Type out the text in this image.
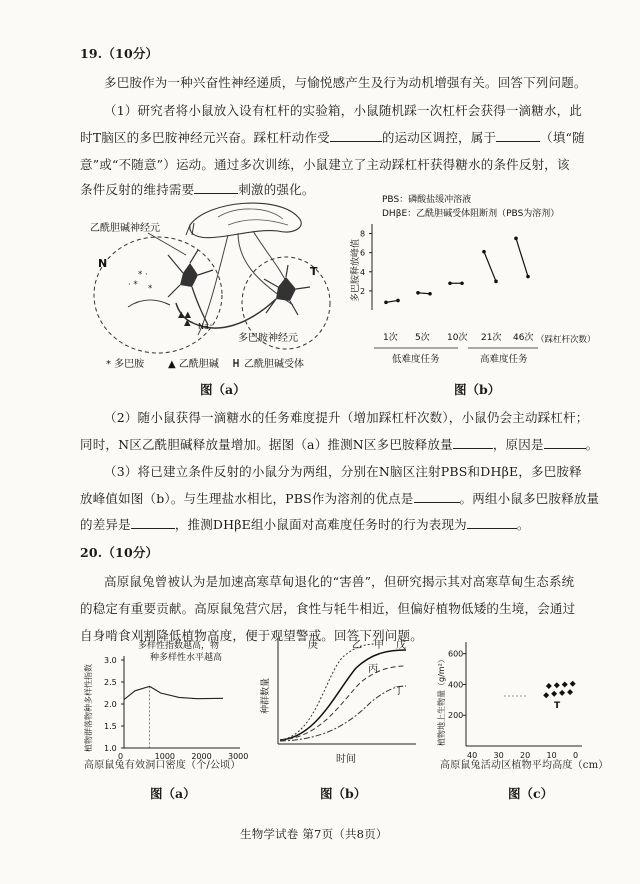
19.（10分）
多巴胺作为一种兴奋性神经递质，与愉悦感产生及行为动机增强有关。回答下列问题。
（1）研究者将小鼠放入设有杠杆的实验箱，小鼠随机踩一次杠杆会获得一滴糖水，此
时T脑区的多巴胺神经元兴奋。踩杠杆动作受	的运动区调控，属于	（填“随
意”或“不随意”）运动。通过多次训练，小鼠建立了主动踩杠杆获得糖水的条件反射，该
条件反射的维持需要	刺激的强化。
* ·
· * *
▲▲
▲
乙酰胆碱神经元
N
T
Na⁺
多巴胺神经元
* 多巴胺 ▲ 乙酰胆碱	乙酰胆碱受体
图（a）
PBS：磷酸盐缓冲溶液
DHβE：乙酰胆碱受体阻断剂（PBS为溶剂）
多巴胺释放峰值 2
4
6
8
1次 5次 10次 21次 46次
低难度任务	高难度任务
（踩杠杆次数）
图（b）
（2）随小鼠获得一滴糖水的任务难度提升（增加踩杠杆次数），小鼠仍会主动踩杠杆；
同时，N区乙酰胆碱释放量增加。据图（a）推测N区多巴胺释放量	，原因是	。
（3）将已建立条件反射的小鼠分为两组，分别在N脑区注射PBS和DHβE，多巴胺释
放峰值如图（b）。与生理盐水相比，PBS作为溶剂的优点是	。两组小鼠多巴胺释放量
的差异是	，推测DHβE组小鼠面对高难度任务时的行为表现为	。
20.（10分）
高原鼠兔曾被认为是加速高寒草甸退化的“害兽”，但研究揭示其对高寒草甸生态系统
的稳定有重要贡献。高原鼠兔营穴居，食性与牦牛相近，但偏好植物低矮的生境，会通过
自身啃食刈割降低植物高度，便于观望警戒。回答下列问题。
多样性指数越高，物
种多样性水平越高
植物群落物种多样性指数 1.0
1.5
2.0
2.5
3.0
0	1000 2000 3000
高原鼠兔有效洞口密度（个/公顷）
图（a）
种群数量
庚	乙 甲 戊
丙
丁
时间
图（b）
植物地上生物量（g/m²） 200
400
600
40 30 20 10 0
T
高原鼠兔活动区植物平均高度（cm）
图（c）
生物学试卷 第7页（共8页）
